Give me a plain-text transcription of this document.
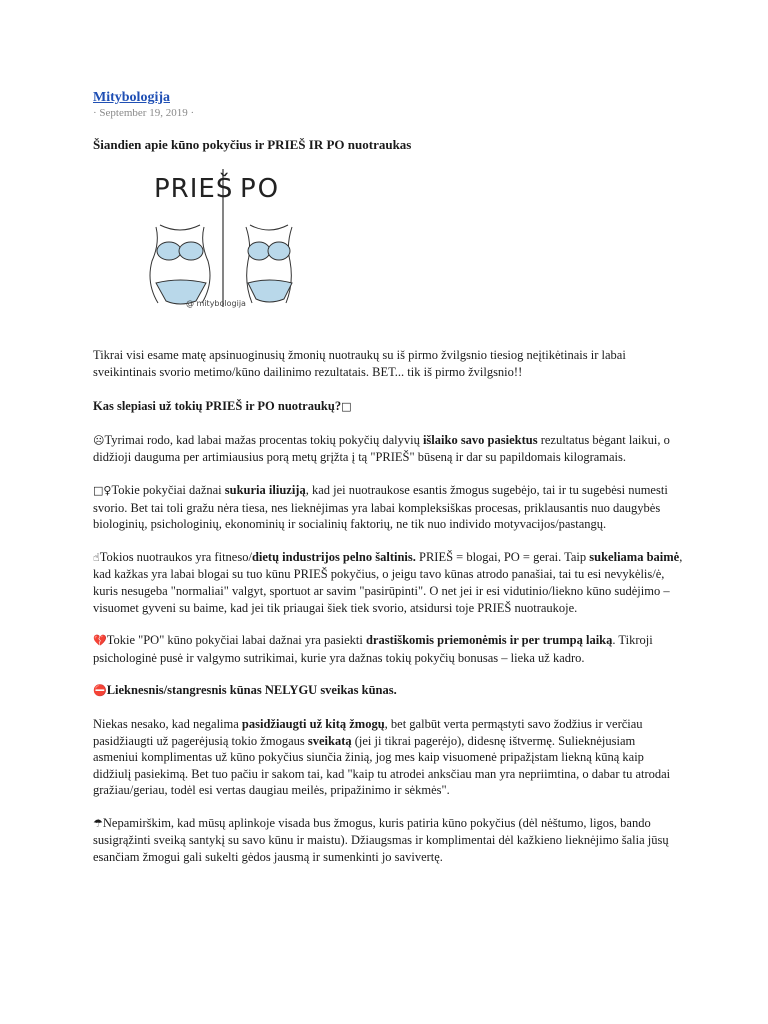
Mitybologija
· September 19, 2019 ·
Šiandien apie kūno pokyčius ir PRIEŠ IR PO nuotraukas
PRIEŠ PO
@ mitybologija

Tikrai visi esame matę apsinuoginusių žmonių nuotraukų su iš pirmo žvilgsnio tiesiog neįtikėtinais ir labai sveikintinais svorio metimo/kūno dailinimo rezultatais. BET... tik iš pirmo žvilgsnio!!

Kas slepiasi už tokių PRIEŠ ir PO nuotraukų?□

☹Tyrimai rodo, kad labai mažas procentas tokių pokyčių dalyvių išlaiko savo pasiektus rezultatus bėgant laikui, o didžioji dauguma per artimiausius porą metų grįžta į tą "PRIEŠ" būseną ir dar su papildomais kilogramais.

□♀Tokie pokyčiai dažnai sukuria iliuziją, kad jei nuotraukose esantis žmogus sugebėjo, tai ir tu sugebėsi numesti svorio. Bet tai toli gražu nėra tiesa, nes lieknėjimas yra labai kompleksiškas procesas, priklausantis nuo daugybės biologinių, psichologinių, ekonominių ir socialinių faktorių, ne tik nuo individo motyvacijos/pastangų.

☝Tokios nuotraukos yra fitneso/dietų industrijos pelno šaltinis. PRIEŠ = blogai, PO = gerai. Taip sukeliama baimė, kad kažkas yra labai blogai su tuo kūnu PRIEŠ pokyčius, o jeigu tavo kūnas atrodo panašiai, tai tu esi nevykėlis/ė, kuris nesugeba "normaliai" valgyt, sportuot ar savim "pasirūpinti". O net jei ir esi vidutinio/liekno kūno sudėjimo – visuomet gyveni su baime, kad jei tik priaugai šiek tiek svorio, atsidursi toje PRIEŠ nuotraukoje.

💔Tokie "PO" kūno pokyčiai labai dažnai yra pasiekti drastiškomis priemonėmis ir per trumpą laiką. Tikroji psichologinė pusė ir valgymo sutrikimai, kurie yra dažnas tokių pokyčių bonusas – lieka už kadro.

⛔Lieknesnis/stangresnis kūnas NELYGU sveikas kūnas.

Niekas nesako, kad negalima pasidžiaugti už kitą žmogų, bet galbūt verta permąstyti savo žodžius ir verčiau pasidžiaugti už pagerėjusią tokio žmogaus sveikatą (jei ji tikrai pagerėjo), didesnę ištvermę. Sulieknėjusiam asmeniui komplimentas už kūno pokyčius siunčia žinią, jog mes kaip visuomenė pripažįstam liekną kūną kaip didžiulį pasiekimą. Bet tuo pačiu ir sakom tai, kad "kaip tu atrodei anksčiau man yra nepriimtina, o dabar tu atrodai gražiau/geriau, todėl esi vertas daugiau meilės, pripažinimo ir sėkmės".

☂Nepamirškim, kad mūsų aplinkoje visada bus žmogus, kuris patiria kūno pokyčius (dėl nėštumo, ligos, bando susigrąžinti sveiką santykį su savo kūnu ir maistu). Džiaugsmas ir komplimentai dėl kažkieno lieknėjimo šalia jūsų esančiam žmogui gali sukelti gėdos jausmą ir sumenkinti jo savivertę.
